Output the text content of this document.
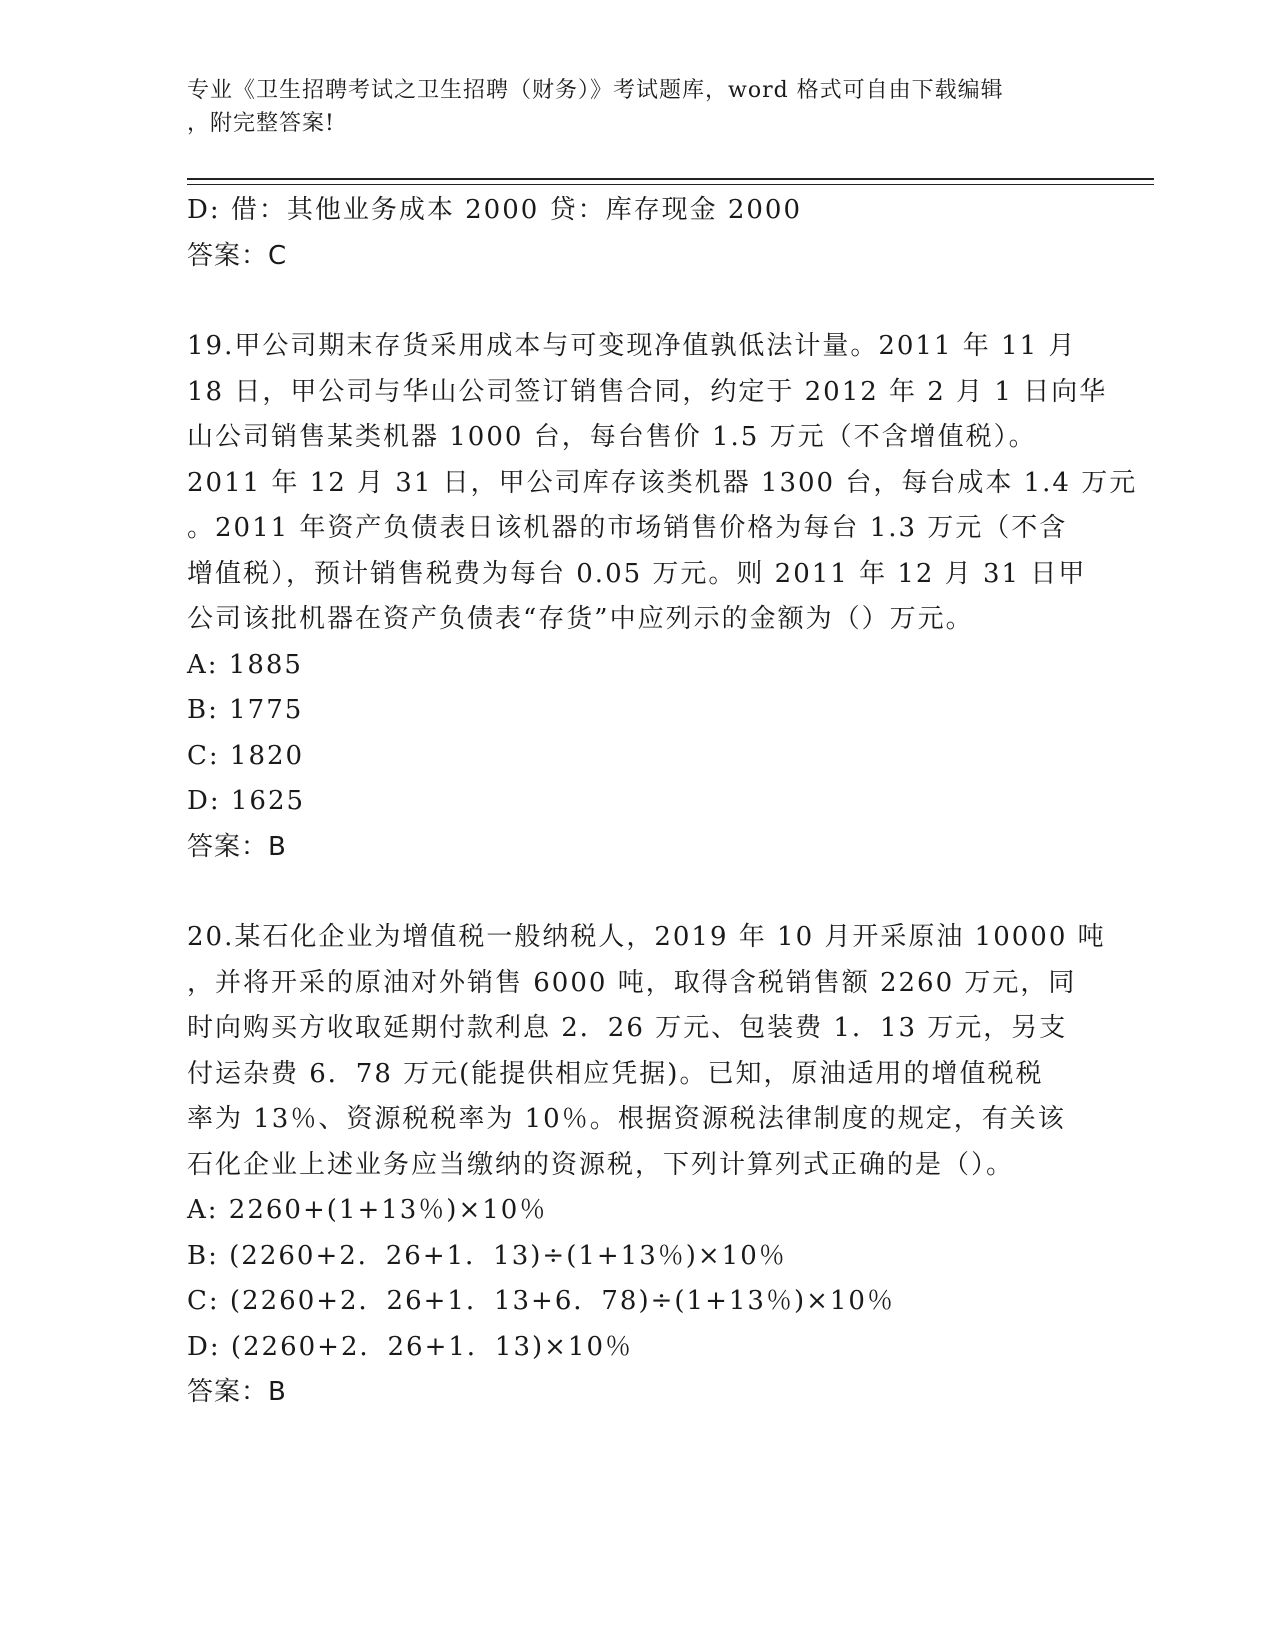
专业《卫生招聘考试之卫生招聘（财务）》考试题库，word 格式可自由下载编辑
，附完整答案!
D: 借：其他业务成本 2000 贷：库存现金 2000
答案：C
19.甲公司期末存货采用成本与可变现净值孰低法计量。2011 年 11 月
18 日，甲公司与华山公司签订销售合同，约定于 2012 年 2 月 1 日向华
山公司销售某类机器 1000 台，每台售价 1.5 万元（不含增值税）。
2011 年 12 月 31 日，甲公司库存该类机器 1300 台，每台成本 1.4 万元
。2011 年资产负债表日该机器的市场销售价格为每台 1.3 万元（不含
增值税），预计销售税费为每台 0.05 万元。则 2011 年 12 月 31 日甲
公司该批机器在资产负债表“存货”中应列示的金额为（）万元。
A: 1885
B: 1775
C: 1820
D: 1625
答案：B
20.某石化企业为增值税一般纳税人，2019 年 10 月开采原油 10000 吨
，并将开采的原油对外销售 6000 吨，取得含税销售额 2260 万元，同
时向购买方收取延期付款利息 2．26 万元、包装费 1．13 万元，另支
付运杂费 6．78 万元(能提供相应凭据)。已知，原油适用的增值税税
率为 13％、资源税税率为 10％。根据资源税法律制度的规定，有关该
石化企业上述业务应当缴纳的资源税，下列计算列式正确的是（）。
A: 2260+(1+13％)×10％
B: (2260+2．26+1．13)÷(1+13％)×10％
C: (2260+2．26+1．13+6．78)÷(1+13％)×10％
D: (2260+2．26+1．13)×10％
答案：B
